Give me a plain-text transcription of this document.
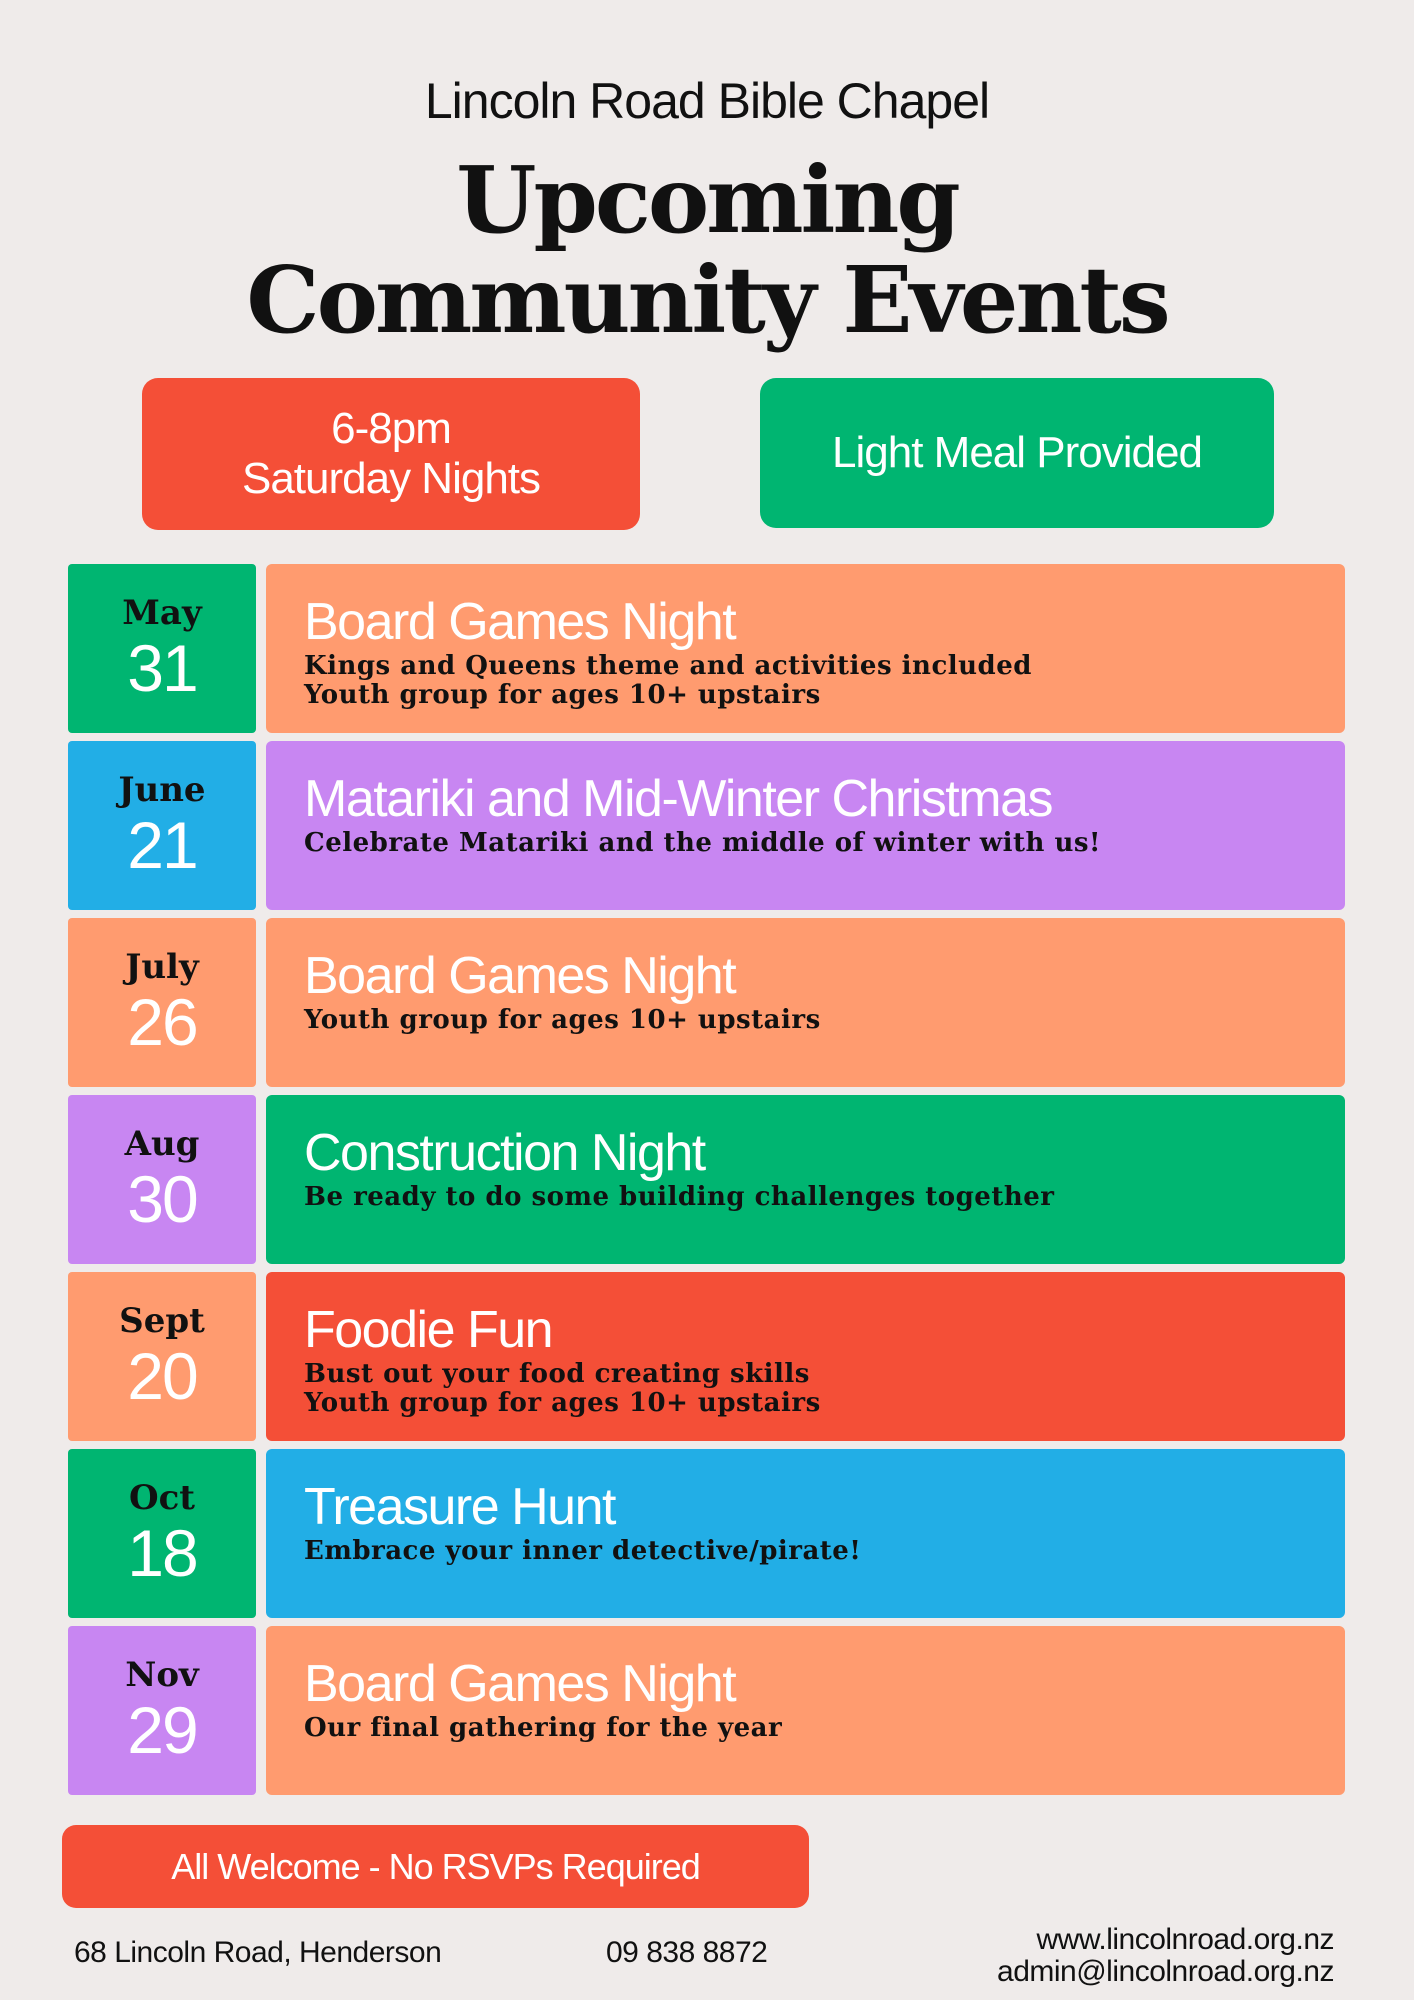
Lincoln Road Bible Chapel
Upcoming
Community Events
6-8pm
Saturday Nights
Light Meal Provided
May
31
Board Games Night
Kings and Queens theme and activities included
Youth group for ages 10+ upstairs
June
21
Matariki and Mid-Winter Christmas
Celebrate Matariki and the middle of winter with us!
July
26
Board Games Night
Youth group for ages 10+ upstairs
Aug
30
Construction Night
Be ready to do some building challenges together
Sept
20
Foodie Fun
Bust out your food creating skills
Youth group for ages 10+ upstairs
Oct
18
Treasure Hunt
Embrace your inner detective/pirate!
Nov
29
Board Games Night
Our final gathering for the year
All Welcome - No RSVPs Required
68 Lincoln Road, Henderson	09 838 8872	www.lincolnroad.org.nz
admin@lincolnroad.org.nz
